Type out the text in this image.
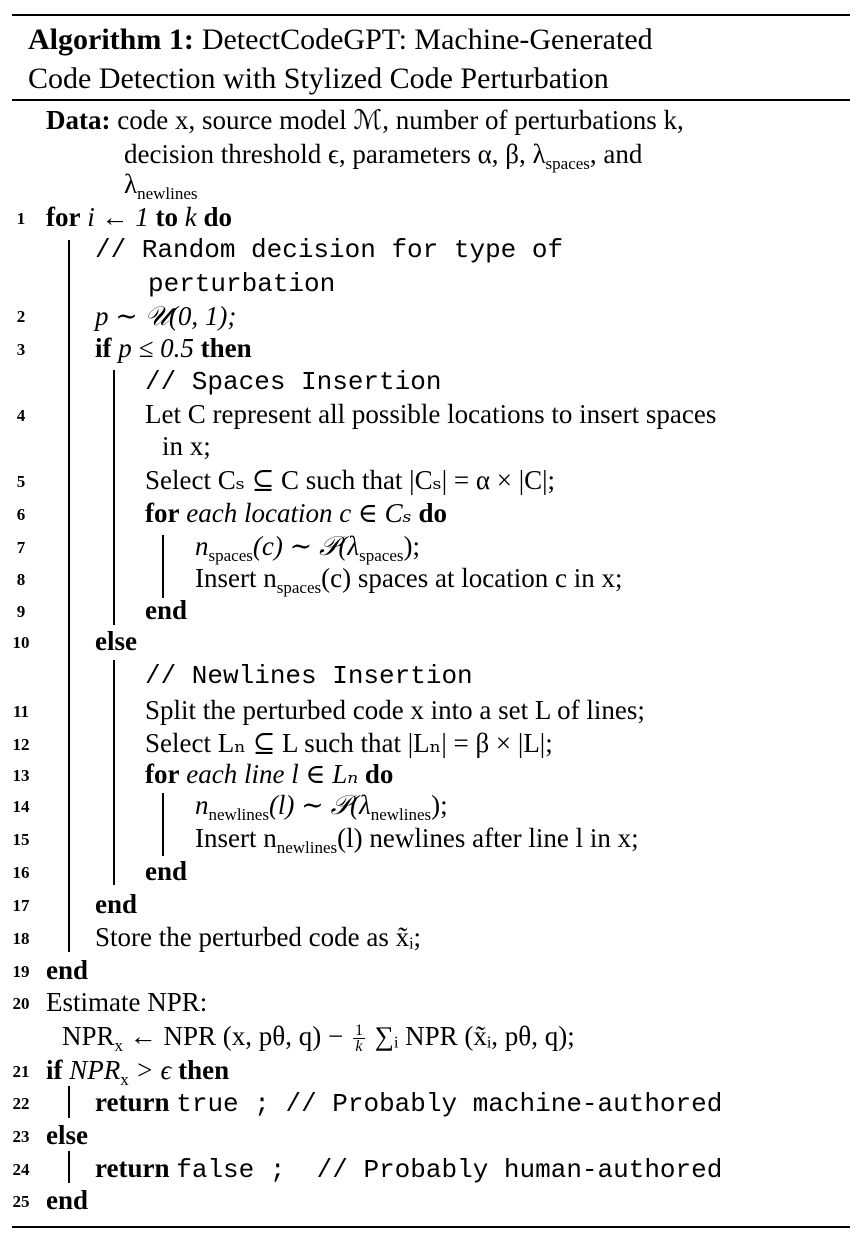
Algorithm 1: DetectCodeGPT: Machine-Generated
Code Detection with Stylized Code Perturbation
Data: code x, source model ℳ, number of perturbations k,
decision threshold ϵ, parameters α, β, $\lambda_{spaces}$, and
$\lambda_{newlines}$
1
2
3
4
5
6
7
8
9
10
11
12
13
14
15
16
17
18
19
20
21
22
23
24
25
for i ← 1 to k do
// Random decision for type of
perturbation
p ∼ 𝒰(0, 1);
if p ≤ 0.5 then
// Spaces Insertion
Let C represent all possible locations to insert spaces
in x;
Select Cₛ ⊆ C such that |Cₛ| = α × |C|;
for each location c ∈ Cₛ do
$n_{spaces}(c)$ ∼ $𝒫(\lambda_{spaces})$;
Insert $n_{spaces}(c)$ spaces at location c in x;
end
else
// Newlines Insertion
Split the perturbed code x into a set L of lines;
Select Lₙ ⊆ L such that |Lₙ| = β × |L|;
for each line l ∈ Lₙ do
$n_{newlines}(l)$ ∼ $𝒫(\lambda_{newlines})$;
Insert $n_{newlines}(l)$ newlines after line l in x;
end
end
Store the perturbed code as x̃ᵢ;
end
Estimate NPR:
$NPR_x$ ← NPR (x, pθ, $q) - \frac{1}{k}$ ∑ᵢ NPR (x̃ᵢ, pθ, q);
if $NPR_x > \epsilon$ then
return true ; // Probably machine-authored
else
return false ;  // Probably human-authored
end
